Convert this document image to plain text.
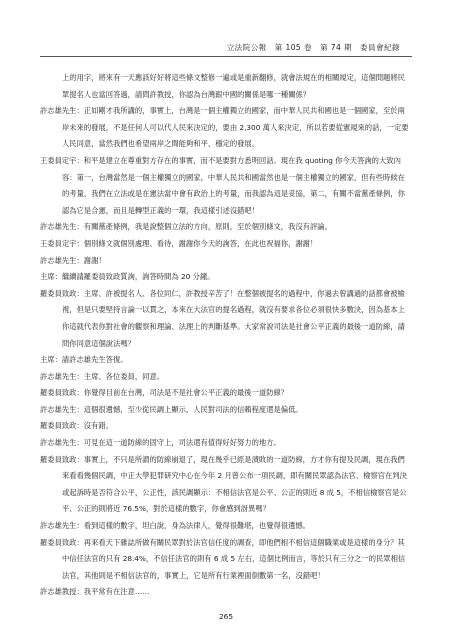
立法院公報　第 105 卷　第 74 期　委員會紀錄
上的用字，將來有一天應該好好將這些條文整修一遍或是重新翻修，就會法規在的相關規定，這個問題將民眾提名人也當回答過，請問許教授，你認為台灣跟中國的關係是哪一種關係？
許志雄先生：正如剛才我所講的，事實上，台灣是一個主權獨立的國家，而中華人民共和國也是一個國家，至於兩岸未來的發展，不是任何人可以代人民來決定的，要由 2,300 萬人來決定，所以若要從憲規來的話，一定要人民同意，當然我們也希望兩岸之間能夠和平、穩定的發展。
王委員定宇：和平是建立在尊重對方存在的事實，而不是要對方悉明回話。現在我 quoting 你今天答詢的大致內容：第一，台灣當然是一個主權獨立的國家，中華人民共和國當然也是一個主權獨立的國家，但有些時候在的考量，我們在立法或是在憲法當中會有政治上的考量，而我認為這是妥協，第二，有關不當黨產條例，你認為它是合憲，而且是轉型正義的一環，我這樣引述沒錯吧！
許志雄先生：有關黨產條例，我是說整個立法的方向，原則，至於個別條文，我沒有評論。
王委員定宇：個別條文就個別處理、看待，謝謝你今天的詢答，在此也祝福你，謝謝！
許志雄先生：謝謝！
主席：繼續請羅委員致政質詢，詢答時間為 20 分鐘。
羅委員致政：主席、許被提名人、各位同仁，許教授辛苦了！在整個被提名的過程中，你過去曾講過的話都會被檢視，但是只要堅持言論一以貫之，本來在大法官的提名過程，就沒有要求各位必須很快多數決，因為基本上你這就代表你對社會的觀察和理論、法理上的判斷基準。大家常說司法是社會公平正義的最後一道防線，請問你同意這個說法嗎？
主席：請許志雄先生答復。
許志雄先生：主席、各位委員，同意。
羅委員致政：你覺得目前在台灣，司法是不是社會公平正義的最後一道防線？
許志雄先生：這個很遺憾，至少從民調上顯示，人民對司法的信賴程度還是偏低。
羅委員致政：沒有錯。
許志雄先生：可見在這一道防線的固守上，司法還有值得好好努力的地方。
羅委員致政：事實上，不只是所謂的防線崩退了，現在幾乎已經是潰敗的一道防線，方才你有提及民調，現在我們來看看幾個民調，中正大學犯罪研究中心在今年 2 月曾公布一項民調，即有關民眾認為法官、檢察官在判決或起訴時是否符合公平，公正性，該民調顯示：不相信法官是公平、公正的則近 8 成 5，不相信檢察官是公平、公正的則將近 76.5%，對於這樣的數字，你會感到訝異嗎？
許志雄先生：看到這樣的數字，坦白說，身為法律人，覺得很難堪，也覺得很遺憾。
羅委員致政：再來看天下雜誌所做有關民眾對於法官信任度的調查，即他們相不相信這個職業或是這樣的身分？其中信任法官的只有 28.4%，不信任法官的則有 6 成 5 左右，這個比例而言，等於只有三分之一的民眾相信法官，其他則是不相信法官的，事實上，它是所有行業裡面倒數第一名，沒錯吧！
許志雄教授：我平常有在注意……
265
